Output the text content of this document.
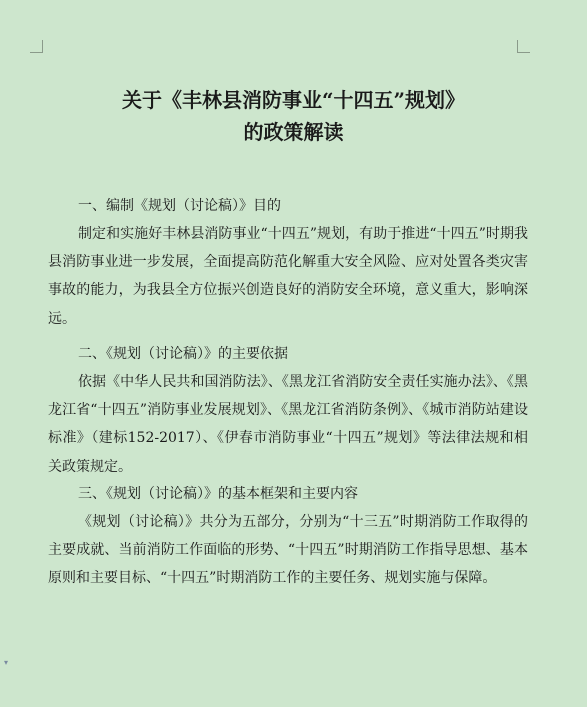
关于《丰林县消防事业“十四五”规划》
的政策解读
一、编制《规划（讨论稿）》目的
制定和实施好丰林县消防事业“十四五”规划，有助于推进“十四五”时期我县消防事业进一步发展，全面提高防范化解重大安全风险、应对处置各类灾害事故的能力，为我县全方位振兴创造良好的消防安全环境，意义重大，影响深远。
二、《规划（讨论稿）》的主要依据
依据《中华人民共和国消防法》、《黑龙江省消防安全责任实施办法》、《黑龙江省“十四五”消防事业发展规划》、《黑龙江省消防条例》、《城市消防站建设标准》（建标152-2017）、《伊春市消防事业“十四五”规划》等法律法规和相关政策规定。
三、《规划（讨论稿）》的基本框架和主要内容
《规划（讨论稿）》共分为五部分，分别为“十三五”时期消防工作取得的主要成就、当前消防工作面临的形势、“十四五”时期消防工作指导思想、基本原则和主要目标、“十四五”时期消防工作的主要任务、规划实施与保障。
▾
